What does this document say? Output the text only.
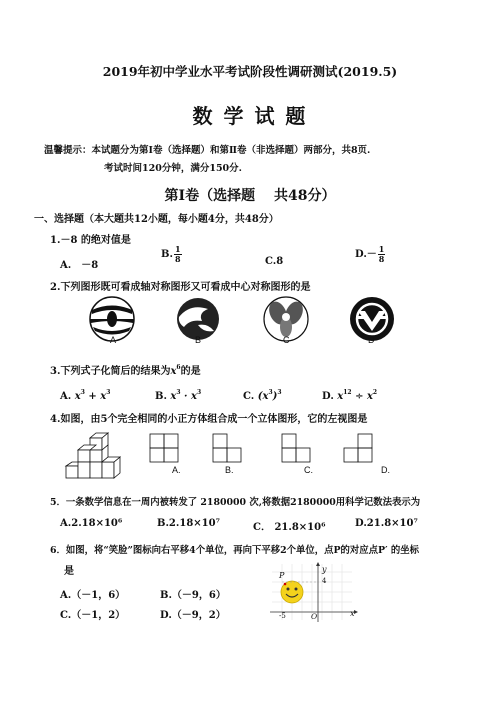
2019年初中学业水平考试阶段性调研测试(2019.5)
数 学 试 题
温馨提示：本试题分为第Ⅰ卷（选择题）和第Ⅱ卷（非选择题）两部分，共8页.
考试时间120分钟，满分150分.
第Ⅰ卷（选择题　 共48分）
一、选择题（本大题共12小题，每小题4分，共48分）
1.－8 的绝对值是
A.　－8
B. $\frac{1}{8}$	C.8
$D.- \frac{1}{8}$
2.下列图形既可看成轴对称图形又可看成中心对称图形的是
A	B	C	D
3.下列式子化简后的结果为$x^6$的是
A. $x^3 + x^3$	B. $x^3 \cdot x^3$	C. $(x^3)^3$	D. $x^{12} \div x^2$
4.如图，由5个完全相同的小正方体组合成一个立体图形，它的左视图是
A.	B.	C.	D.
5．一条数学信息在一周内被转发了 2180000 次,将数据2180000用科学记数法表示为
A.2.18×10⁶	B.2.18×10⁷	C． 21.8×10⁶	D.21.8×10⁷
6．如图，将“笑脸”图标向右平移4个单位，再向下平移2个单位，点P的对应点P′ 的坐标
是
A.（－1，6）	B.（－9，6）
C.（－1，2）	D.（－9，2）
P
y
4
x
O
-5
